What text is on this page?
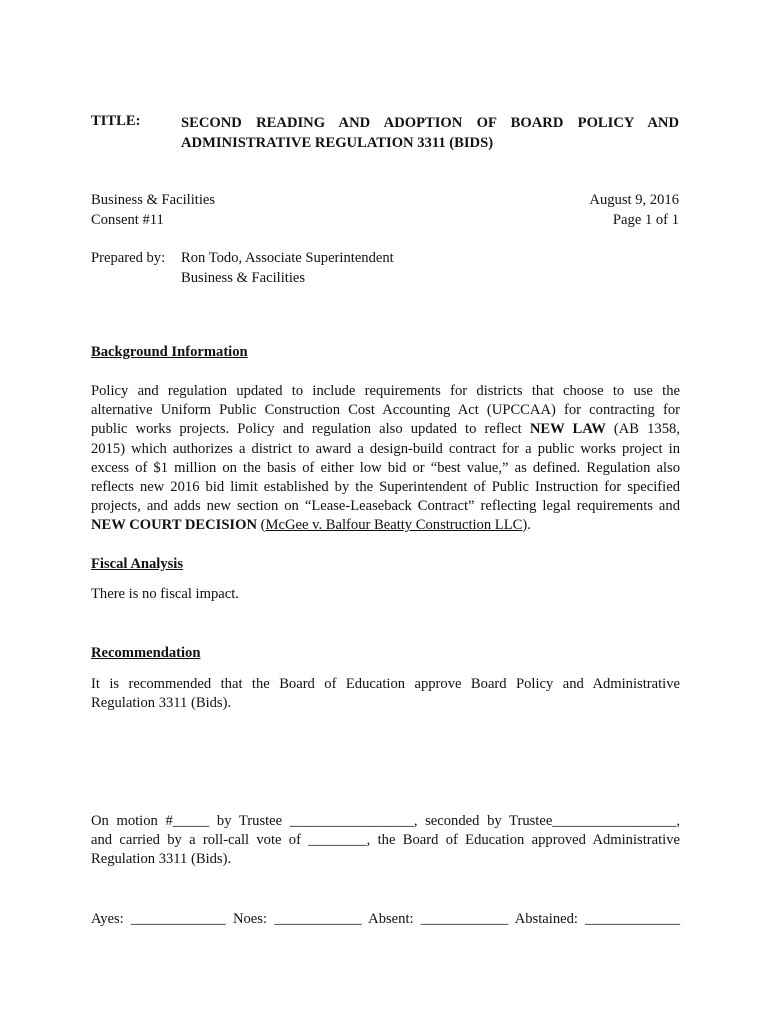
TITLE:	SECOND READING AND ADOPTION OF BOARD POLICY AND
ADMINISTRATIVE REGULATION 3311 (BIDS)
Business & Facilities
Consent #11
August 9, 2016
Page 1 of 1
Prepared by: Ron Todo, Associate Superintendent
Business & Facilities
Background Information
Policy and regulation updated to include requirements for districts that choose to use the
alternative Uniform Public Construction Cost Accounting Act (UPCCAA) for contracting for
public works projects. Policy and regulation also updated to reflect NEW LAW (AB 1358,
2015) which authorizes a district to award a design-build contract for a public works project in
excess of $1 million on the basis of either low bid or “best value,” as defined. Regulation also
reflects new 2016 bid limit established by the Superintendent of Public Instruction for specified
projects, and adds new section on “Lease-Leaseback Contract” reflecting legal requirements and
NEW COURT DECISION (McGee v. Balfour Beatty Construction LLC).
Fiscal Analysis
There is no fiscal impact.
Recommendation
It is recommended that the Board of Education approve Board Policy and Administrative
Regulation 3311 (Bids).
On motion #_____ by Trustee _________________, seconded by Trustee_________________,
and carried by a roll-call vote of ________, the Board of Education approved Administrative
Regulation 3311 (Bids).
Ayes: _____________ Noes: ____________ Absent: ____________ Abstained: _____________
